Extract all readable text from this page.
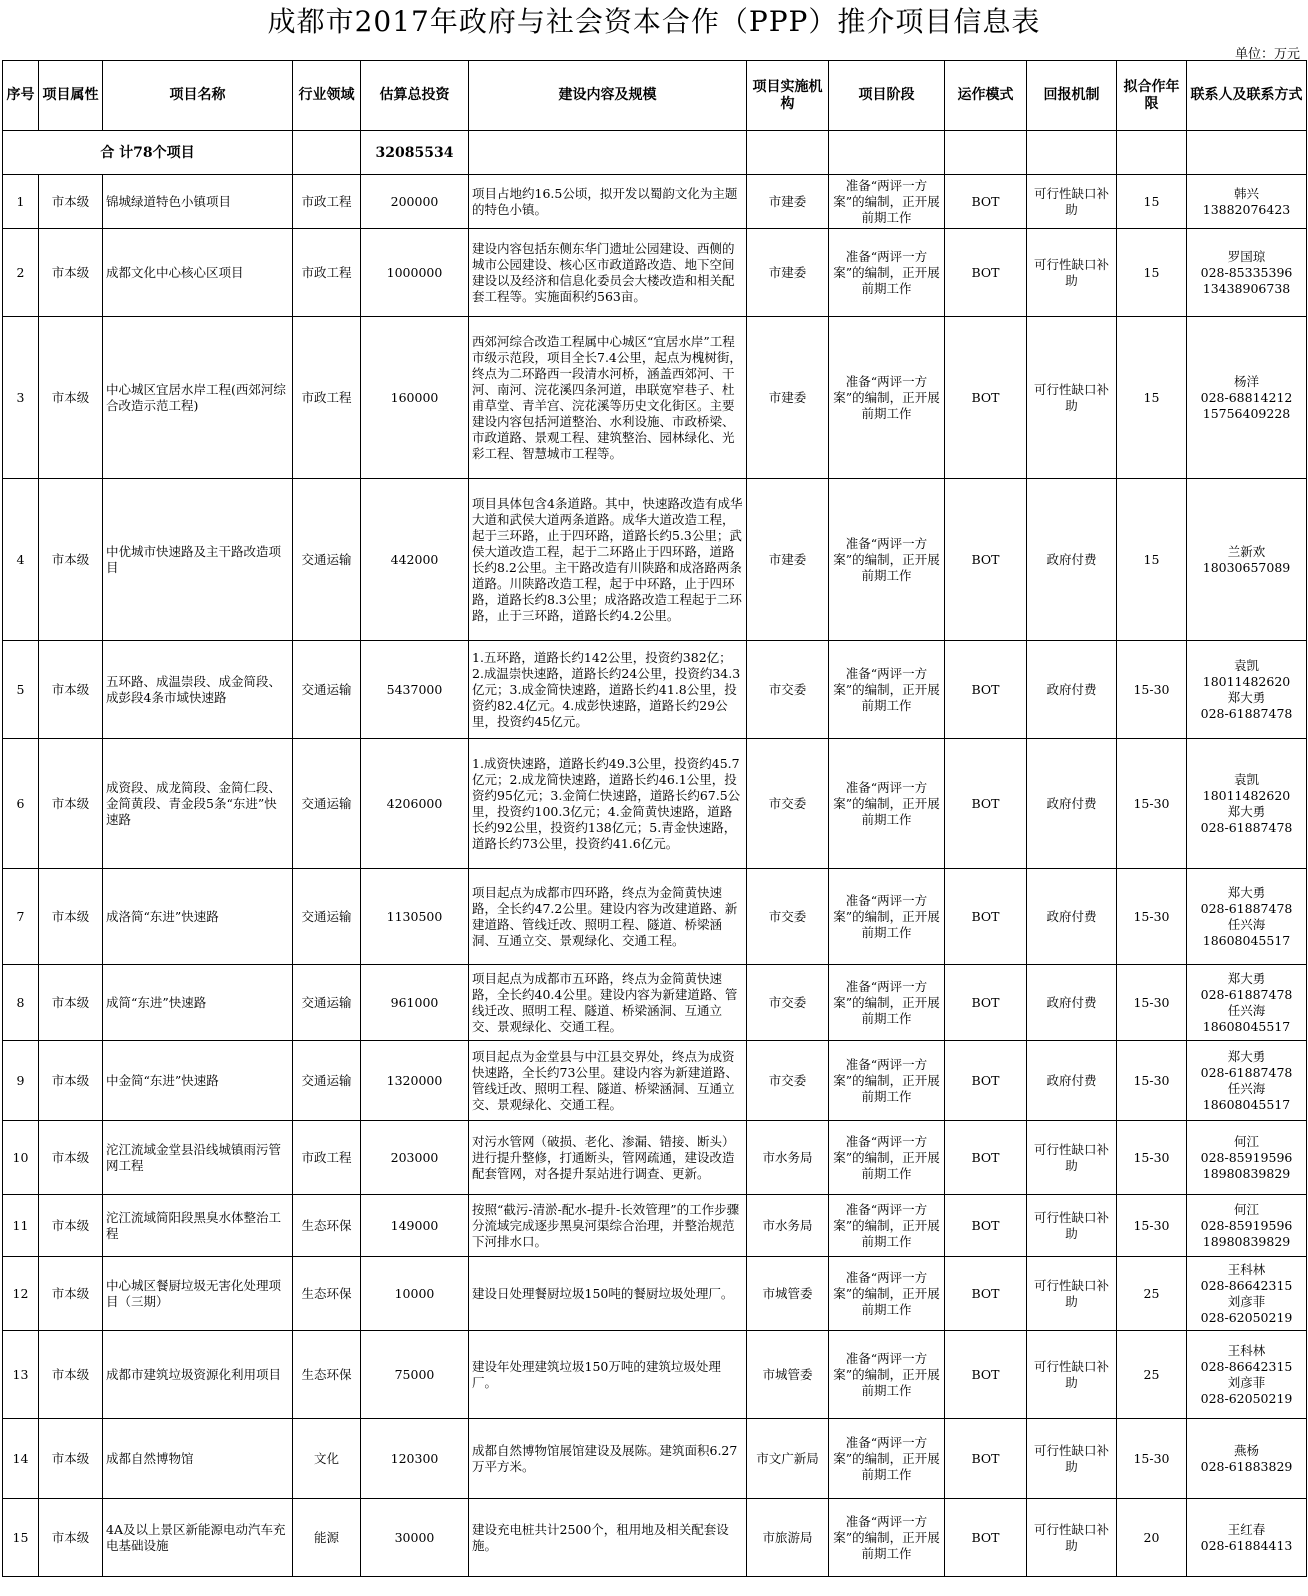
成都市2017年政府与社会资本合作（PPP）推介项目信息表
单位：万元
序号	项目属性	项目名称	行业领域	估算总投资	建设内容及规模	项目实施机构	项目阶段	运作模式	回报机制	拟合作年限	联系人及联系方式
合 计78个项目				32085534							
1	市本级	锦城绿道特色小镇项目	市政工程	200000	项目占地约16.5公顷，拟开发以蜀韵文化为主题的特色小镇。	市建委	准备“两评一方案”的编制，正开展前期工作	BOT	可行性缺口补助	15	韩兴
13882076423

2	市本级	成都文化中心核心区项目	市政工程	1000000	建设内容包括东侧东华门遗址公园建设、西侧的城市公园建设、核心区市政道路改造、地下空间建设以及经济和信息化委员会大楼改造和相关配套工程等。实施面积约563亩。	市建委	准备“两评一方案”的编制，正开展前期工作	BOT	可行性缺口补助	15	罗国琼
028-85335396
13438906738

3	市本级	中心城区宜居水岸工程(西郊河综合改造示范工程)	市政工程	160000	西郊河综合改造工程属中心城区“宜居水岸”工程市级示范段，项目全长7.4公里，起点为槐树街，终点为二环路西一段清水河桥，涵盖西郊河、干河、南河、浣花溪四条河道，串联宽窄巷子、杜甫草堂、青羊宫、浣花溪等历史文化街区。主要建设内容包括河道整治、水利设施、市政桥梁、市政道路、景观工程、建筑整治、园林绿化、光彩工程、智慧城市工程等。	市建委	准备“两评一方案”的编制，正开展前期工作	BOT	可行性缺口补助	15	杨洋
028-68814212
15756409228

4	市本级	中优城市快速路及主干路改造项目	交通运输	442000	项目具体包含4条道路。其中，快速路改造有成华大道和武侯大道两条道路。成华大道改造工程，起于三环路，止于四环路，道路长约5.3公里；武侯大道改造工程，起于二环路止于四环路，道路长约8.2公里。主干路改造有川陕路和成洛路两条道路。川陕路改造工程，起于中环路，止于四环路，道路长约8.3公里；成洛路改造工程起于二环路，止于三环路，道路长约4.2公里。	市建委	准备“两评一方案”的编制，正开展前期工作	BOT	政府付费	15	兰新欢
18030657089

5	市本级	五环路、成温崇段、成金简段、成彭段4条市域快速路	交通运输	5437000	1.五环路，道路长约142公里，投资约382亿；2.成温崇快速路，道路长约24公里，投资约34.3亿元；3.成金简快速路，道路长约41.8公里，投资约82.4亿元。4.成彭快速路，道路长约29公里，投资约45亿元。	市交委	准备“两评一方案”的编制，正开展前期工作	BOT	政府付费	15-30	袁凯
18011482620
郑大勇
028-61887478

6	市本级	成资段、成龙简段、金简仁段、金简黄段、青金段5条“东进”快速路	交通运输	4206000	1.成资快速路，道路长约49.3公里，投资约45.7亿元；2.成龙简快速路，道路长约46.1公里，投资约95亿元；3.金简仁快速路，道路长约67.5公里，投资约100.3亿元；4.金简黄快速路，道路长约92公里，投资约138亿元；5.青金快速路，道路长约73公里，投资约41.6亿元。	市交委	准备“两评一方案”的编制，正开展前期工作	BOT	政府付费	15-30	袁凯
18011482620
郑大勇
028-61887478

7	市本级	成洛简“东进”快速路	交通运输	1130500	项目起点为成都市四环路，终点为金简黄快速路，全长约47.2公里。建设内容为改建道路、新建道路、管线迁改、照明工程、隧道、桥梁涵洞、互通立交、景观绿化、交通工程。	市交委	准备“两评一方案”的编制，正开展前期工作	BOT	政府付费	15-30	郑大勇
028-61887478
任兴海
18608045517

8	市本级	成简“东进”快速路	交通运输	961000	项目起点为成都市五环路，终点为金简黄快速路，全长约40.4公里。建设内容为新建道路、管线迁改、照明工程、隧道、桥梁涵洞、互通立交、景观绿化、交通工程。	市交委	准备“两评一方案”的编制，正开展前期工作	BOT	政府付费	15-30	郑大勇
028-61887478
任兴海
18608045517

9	市本级	中金简“东进”快速路	交通运输	1320000	项目起点为金堂县与中江县交界处，终点为成资快速路，全长约73公里。建设内容为新建道路、管线迁改、照明工程、隧道、桥梁涵洞、互通立交、景观绿化、交通工程。	市交委	准备“两评一方案”的编制，正开展前期工作	BOT	政府付费	15-30	郑大勇
028-61887478
任兴海
18608045517

10	市本级	沱江流域金堂县沿线城镇雨污管网工程	市政工程	203000	对污水管网（破损、老化、渗漏、错接、断头）进行提升整修，打通断头，管网疏通，建设改造配套管网，对各提升泵站进行调查、更新。	市水务局	准备“两评一方案”的编制，正开展前期工作	BOT	可行性缺口补助	15-30	何江
028-85919596
18980839829

11	市本级	沱江流域简阳段黑臭水体整治工程	生态环保	149000	按照“截污-清淤-配水-提升-长效管理”的工作步骤分流域完成逐步黑臭河渠综合治理，并整治规范下河排水口。	市水务局	准备“两评一方案”的编制，正开展前期工作	BOT	可行性缺口补助	15-30	何江
028-85919596
18980839829

12	市本级	中心城区餐厨垃圾无害化处理项目（三期）	生态环保	10000	建设日处理餐厨垃圾150吨的餐厨垃圾处理厂。	市城管委	准备“两评一方案”的编制，正开展前期工作	BOT	可行性缺口补助	25	王科林
028-86642315
刘彦菲
028-62050219

13	市本级	成都市建筑垃圾资源化利用项目	生态环保	75000	建设年处理建筑垃圾150万吨的建筑垃圾处理厂。	市城管委	准备“两评一方案”的编制，正开展前期工作	BOT	可行性缺口补助	25	王科林
028-86642315
刘彦菲
028-62050219

14	市本级	成都自然博物馆	文化	120300	成都自然博物馆展馆建设及展陈。建筑面积6.27万平方米。	市文广新局	准备“两评一方案”的编制，正开展前期工作	BOT	可行性缺口补助	15-30	燕杨
028-61883829

15	市本级	4A及以上景区新能源电动汽车充电基础设施	能源	30000	建设充电桩共计2500个，租用地及相关配套设施。	市旅游局	准备“两评一方案”的编制，正开展前期工作	BOT	可行性缺口补助	20	王红春
028-61884413
